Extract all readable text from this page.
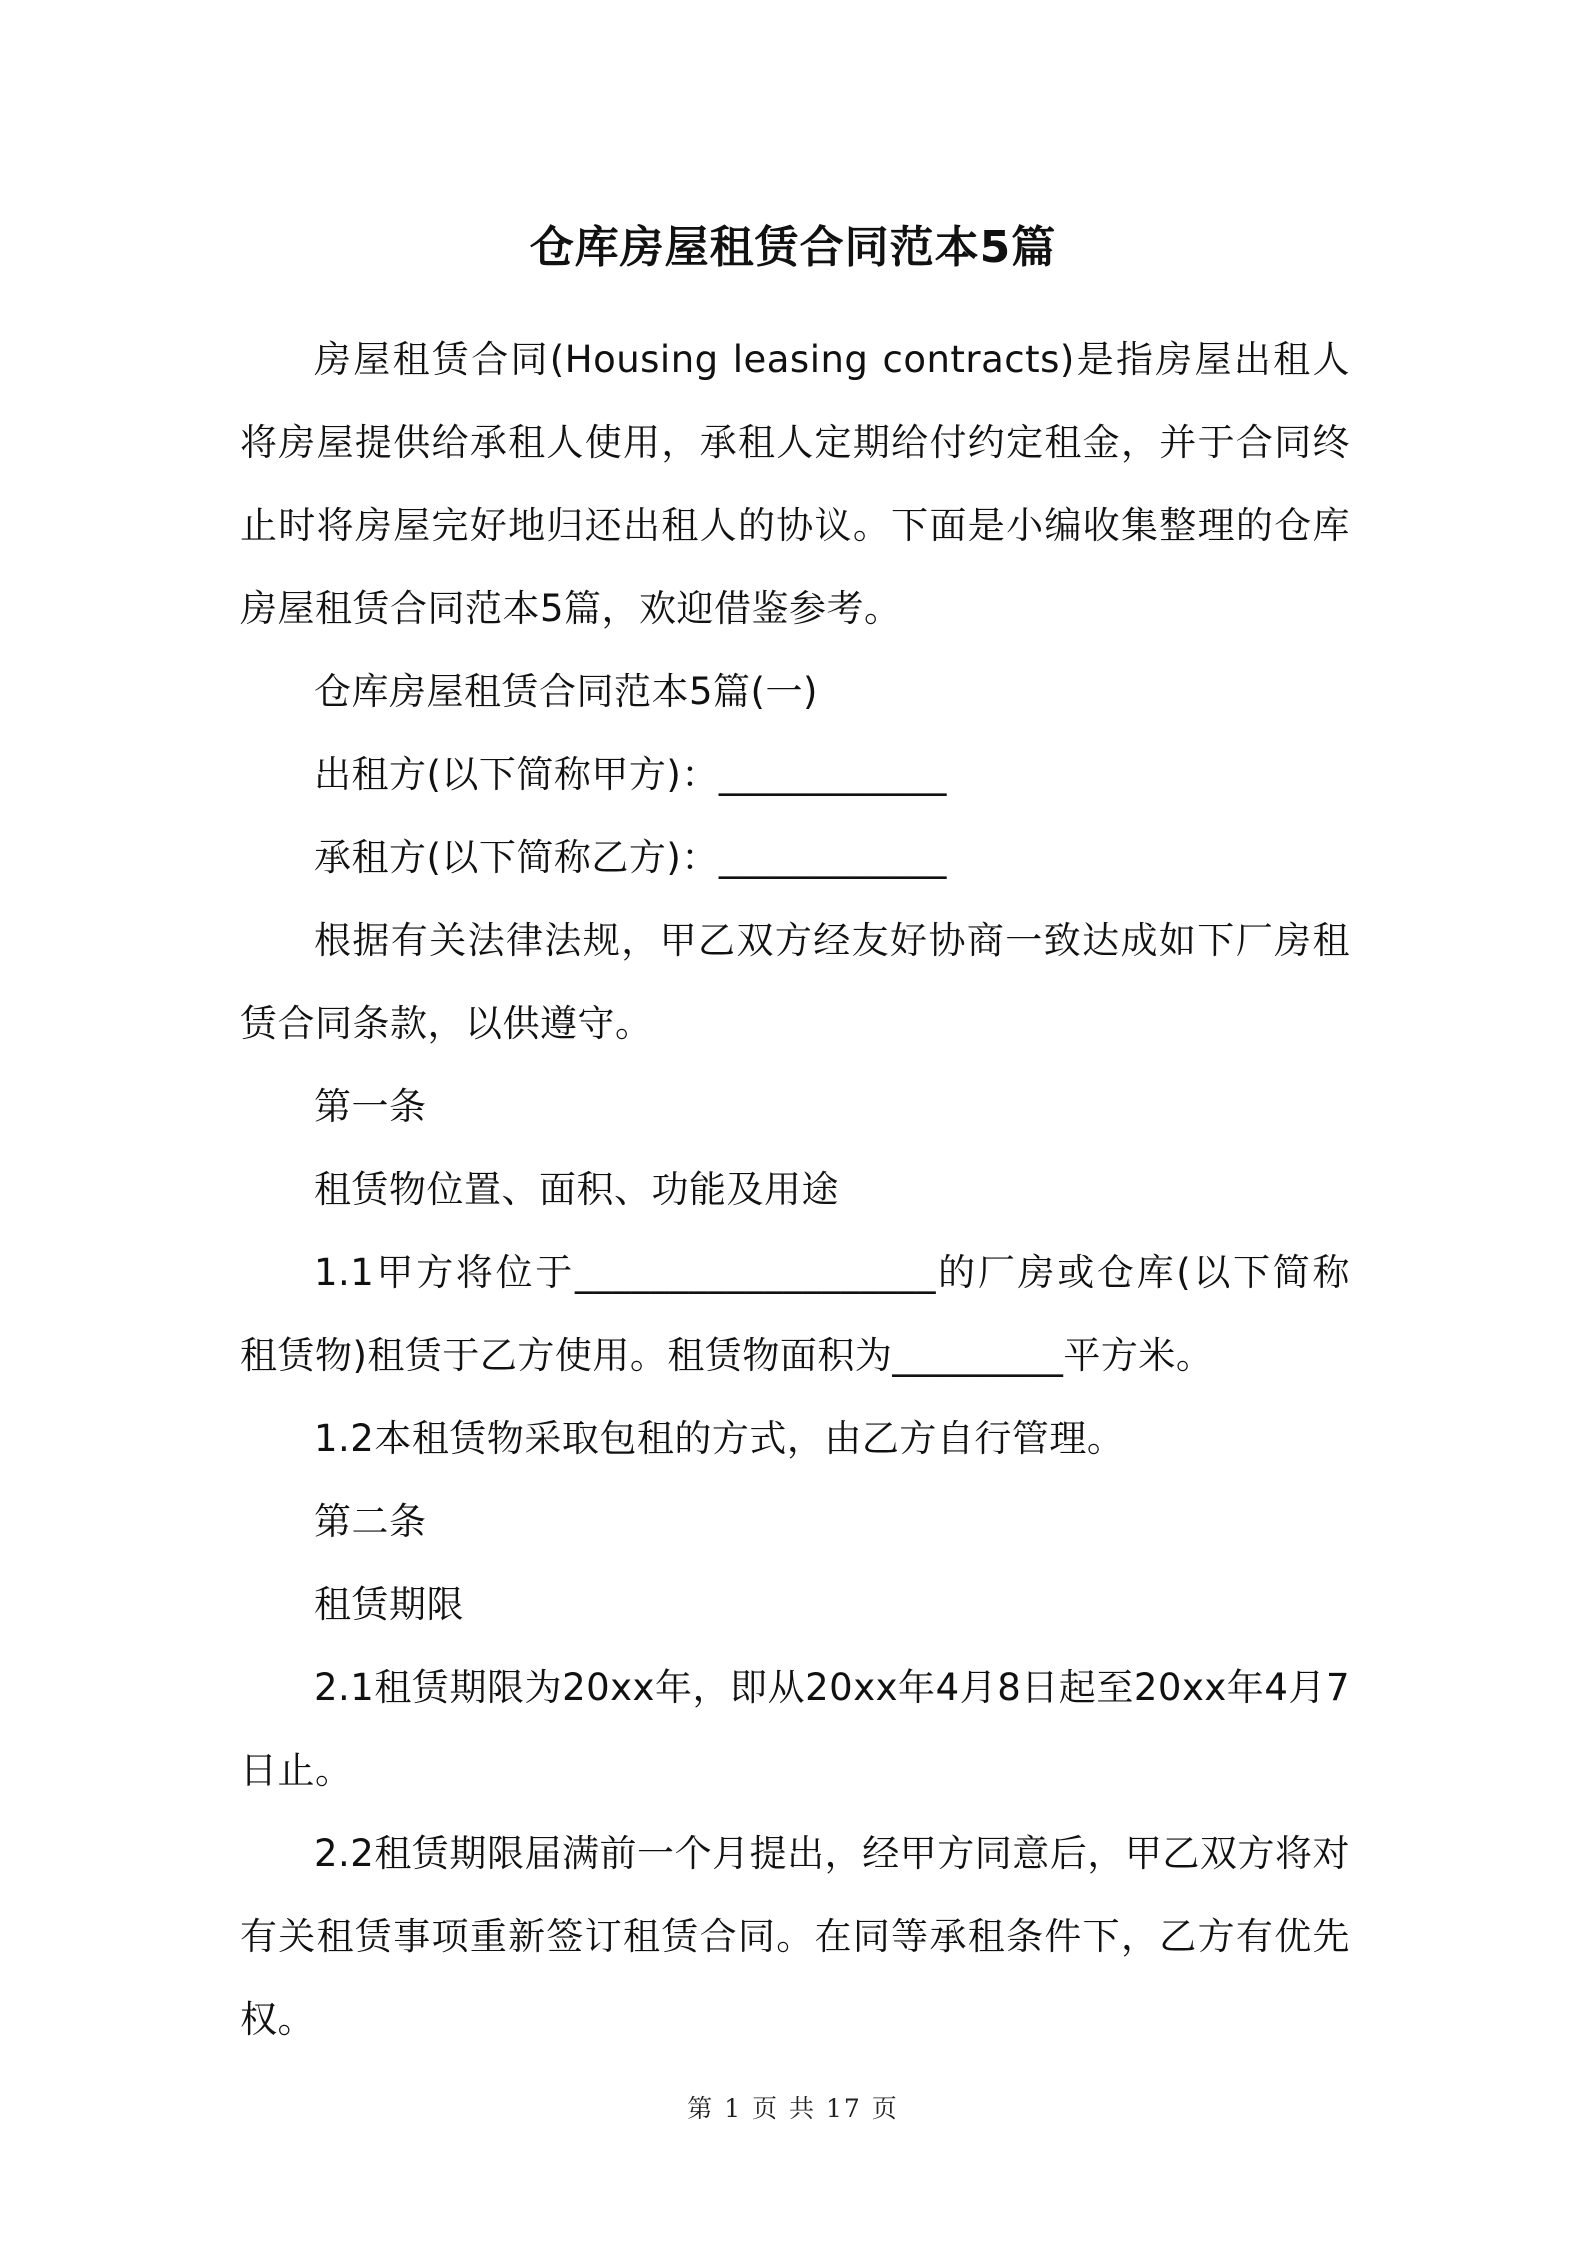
仓库房屋租赁合同范本5篇

房屋租赁合同(Housing leasing contracts)是指房屋出租人将房屋提供给承租人使用，承租人定期给付约定租金，并于合同终止时将房屋完好地归还出租人的协议。下面是小编收集整理的仓库房屋租赁合同范本5篇，欢迎借鉴参考。

仓库房屋租赁合同范本5篇(一)

出租方(以下简称甲方)：____________

承租方(以下简称乙方)：____________

根据有关法律法规，甲乙双方经友好协商一致达成如下厂房租赁合同条款，以供遵守。

第一条

租赁物位置、面积、功能及用途

1.1甲方将位于___________________的厂房或仓库(以下简称租赁物)租赁于乙方使用。租赁物面积为_________平方米。

1.2本租赁物采取包租的方式，由乙方自行管理。

第二条

租赁期限

2.1租赁期限为20xx年，即从20xx年4月8日起至20xx年4月7日止。

2.2租赁期限届满前一个月提出，经甲方同意后，甲乙双方将对有关租赁事项重新签订租赁合同。在同等承租条件下，乙方有优先权。

第 1 页 共 17 页
